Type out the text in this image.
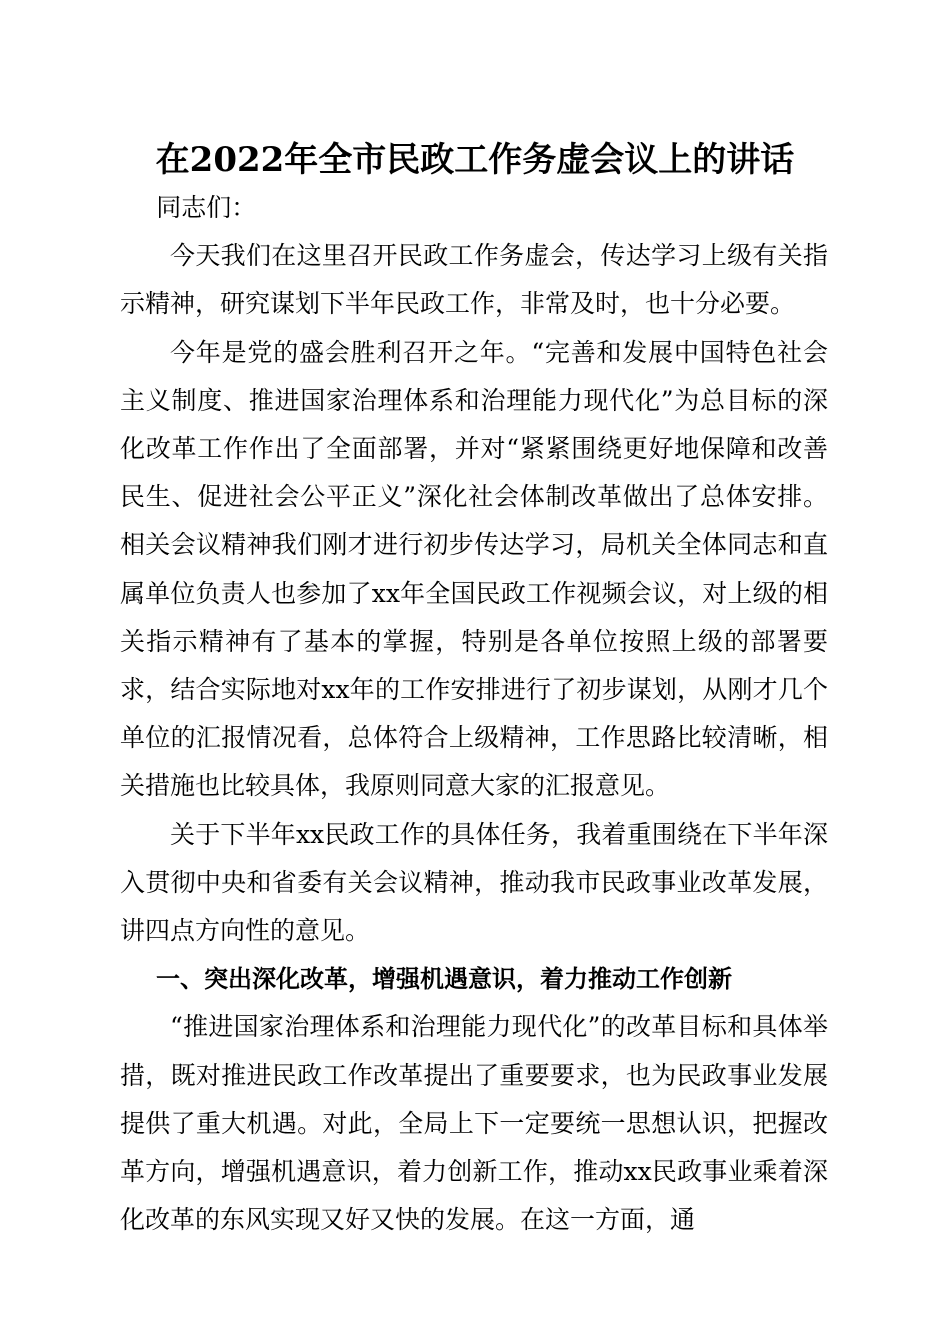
在2022年全市民政工作务虚会议上的讲话

同志们：

今天我们在这里召开民政工作务虚会，传达学习上级有关指示精神，研究谋划下半年民政工作，非常及时，也十分必要。

今年是党的盛会胜利召开之年。“完善和发展中国特色社会主义制度、推进国家治理体系和治理能力现代化”为总目标的深化改革工作作出了全面部署，并对“紧紧围绕更好地保障和改善民生、促进社会公平正义”深化社会体制改革做出了总体安排。相关会议精神我们刚才进行初步传达学习，局机关全体同志和直属单位负责人也参加了xx年全国民政工作视频会议，对上级的相关指示精神有了基本的掌握，特别是各单位按照上级的部署要求，结合实际地对xx年的工作安排进行了初步谋划，从刚才几个单位的汇报情况看，总体符合上级精神，工作思路比较清晰，相关措施也比较具体，我原则同意大家的汇报意见。

关于下半年xx民政工作的具体任务，我着重围绕在下半年深入贯彻中央和省委有关会议精神，推动我市民政事业改革发展，讲四点方向性的意见。

一、突出深化改革，增强机遇意识，着力推动工作创新

“推进国家治理体系和治理能力现代化”的改革目标和具体举措，既对推进民政工作改革提出了重要要求，也为民政事业发展提供了重大机遇。对此，全局上下一定要统一思想认识，把握改革方向，增强机遇意识，着力创新工作，推动xx民政事业乘着深化改革的东风实现又好又快的发展。在这一方面，通
